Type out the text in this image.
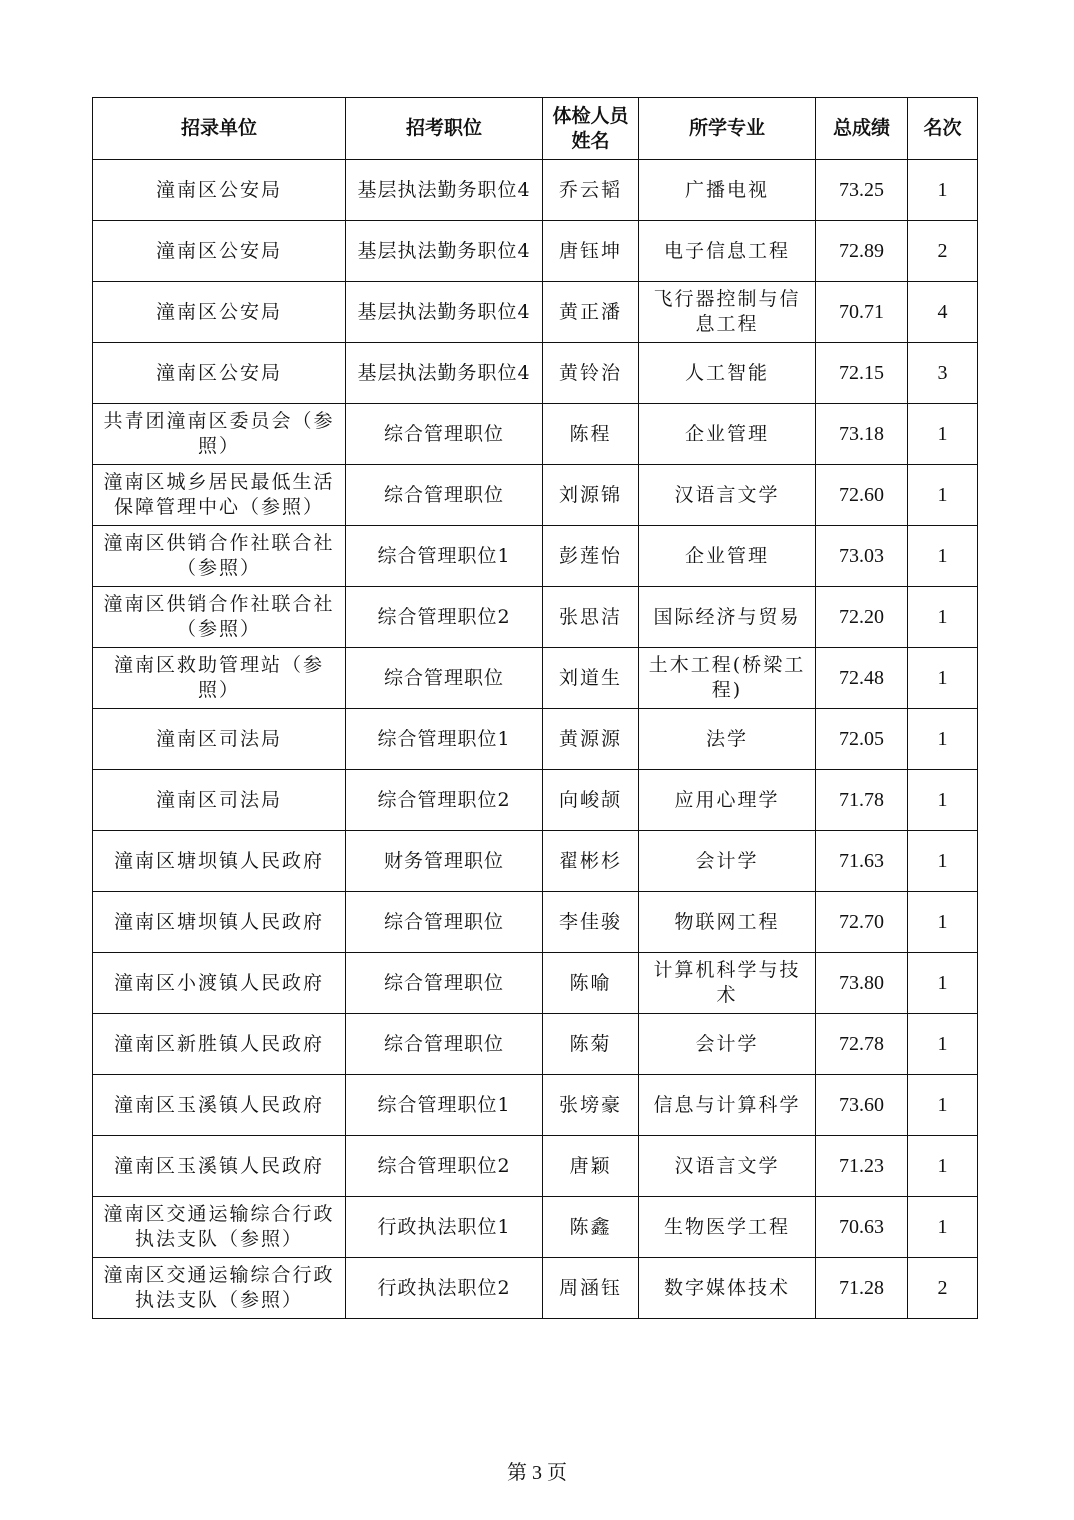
招录单位	招考职位	体检人员姓名	所学专业	总成绩	名次
潼南区公安局	基层执法勤务职位4	乔云韬	广播电视	73.25	1
潼南区公安局	基层执法勤务职位4	唐钰坤	电子信息工程	72.89	2
潼南区公安局	基层执法勤务职位4	黄正潘	飞行器控制与信息工程	70.71	4
潼南区公安局	基层执法勤务职位4	黄铃治	人工智能	72.15	3
共青团潼南区委员会（参照）	综合管理职位	陈程	企业管理	73.18	1
潼南区城乡居民最低生活保障管理中心（参照）	综合管理职位	刘源锦	汉语言文学	72.60	1
潼南区供销合作社联合社（参照）	综合管理职位1	彭莲怡	企业管理	73.03	1
潼南区供销合作社联合社（参照）	综合管理职位2	张思洁	国际经济与贸易	72.20	1
潼南区救助管理站（参照）	综合管理职位	刘道生	土木工程(桥梁工程)	72.48	1
潼南区司法局	综合管理职位1	黄源源	法学	72.05	1
潼南区司法局	综合管理职位2	向峻颉	应用心理学	71.78	1
潼南区塘坝镇人民政府	财务管理职位	翟彬杉	会计学	71.63	1
潼南区塘坝镇人民政府	综合管理职位	李佳骏	物联网工程	72.70	1
潼南区小渡镇人民政府	综合管理职位	陈喻	计算机科学与技术	73.80	1
潼南区新胜镇人民政府	综合管理职位	陈菊	会计学	72.78	1
潼南区玉溪镇人民政府	综合管理职位1	张塝豪	信息与计算科学	73.60	1
潼南区玉溪镇人民政府	综合管理职位2	唐颖	汉语言文学	71.23	1
潼南区交通运输综合行政执法支队（参照）	行政执法职位1	陈鑫	生物医学工程	70.63	1
潼南区交通运输综合行政执法支队（参照）	行政执法职位2	周涵钰	数字媒体技术	71.28	2
第 3 页
